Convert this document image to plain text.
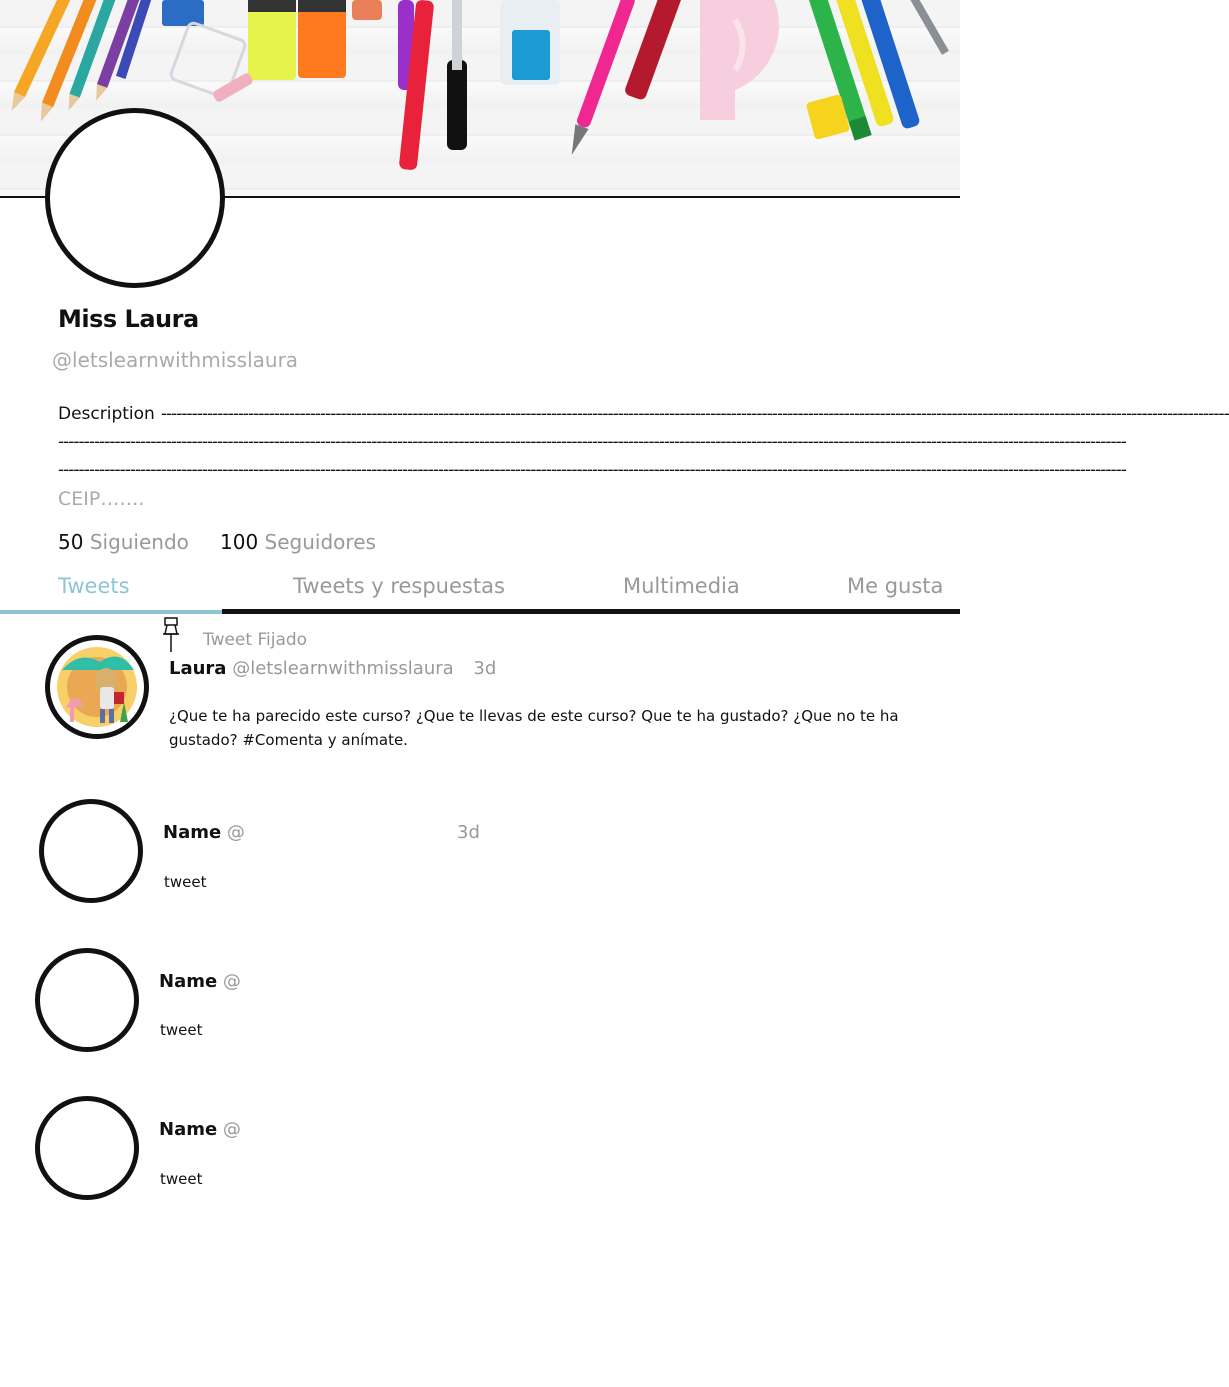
Miss Laura
@letslearnwithmisslaura
Description ----------------------------------------------------------------------------------------------------------------------------------------------------------------------------------------------------------------
----------------------------------------------------------------------------------------------------------------------------------------------------------------------------------------------------------------
----------------------------------------------------------------------------------------------------------------------------------------------------------------------------------------------------------------
CEIP…….
50 Siguiendo 100 Seguidores
Tweets	Tweets y respuestas	Multimedia	Me gusta
Tweet Fijado
Laura @letslearnwithmisslaura 3d
¿Que te ha parecido este curso? ¿Que te llevas de este curso? Que te ha gustado? ¿Que no te ha gustado? #Comenta y anímate.
Name @	3d
tweet
Name @
tweet
Name @
tweet
